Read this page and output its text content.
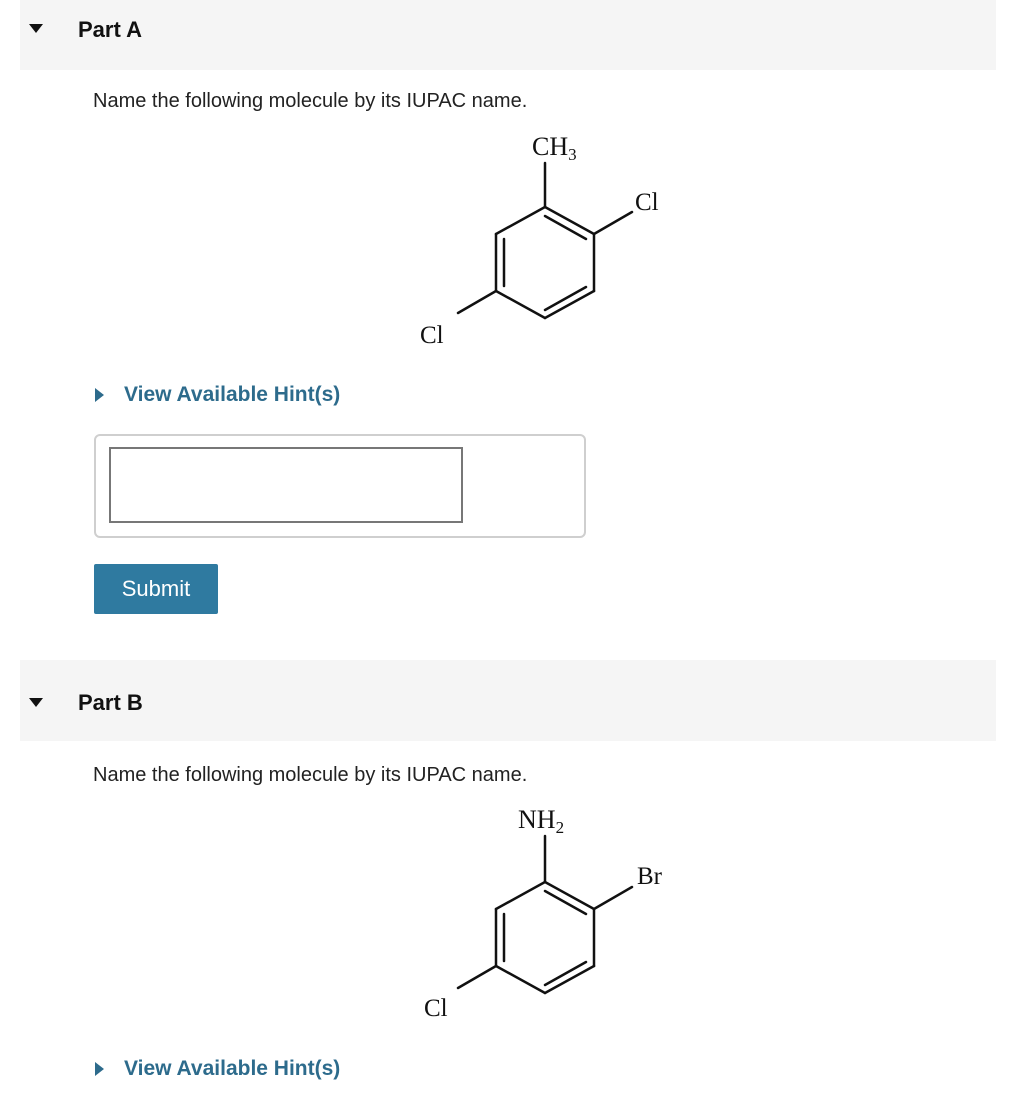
Part A
Name the following molecule by its IUPAC name.
CH3
Cl
Cl
View Available Hint(s)
Submit
Part B
Name the following molecule by its IUPAC name.
NH2
Br
Cl
View Available Hint(s)
